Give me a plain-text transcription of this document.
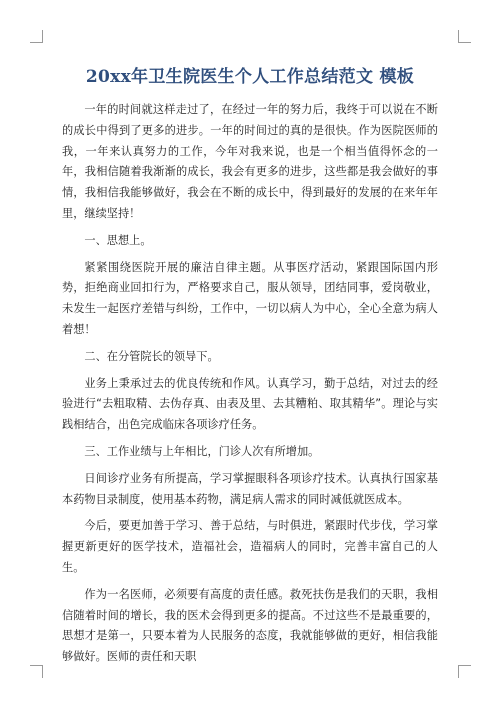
20xx年卫生院医生个人工作总结范文 模板

一年的时间就这样走过了，在经过一年的努力后，我终于可以说在不断的成长中得到了更多的进步。一年的时间过的真的是很快。作为医院医师的我，一年来认真努力的工作，今年对我来说，也是一个相当值得怀念的一年，我相信随着我渐渐的成长，我会有更多的进步，这些都是我会做好的事情，我相信我能够做好，我会在不断的成长中，得到最好的发展的在来年年里，继续坚持！

一、思想上。

紧紧围绕医院开展的廉洁自律主题。从事医疗活动，紧跟国际国内形势，拒绝商业回扣行为，严格要求自己，服从领导，团结同事，爱岗敬业，未发生一起医疗差错与纠纷，工作中，一切以病人为中心，全心全意为病人着想！

二、在分管院长的领导下。

业务上秉承过去的优良传统和作风。认真学习，勤于总结，对过去的经验进行“去粗取精、去伪存真、由表及里、去其糟粕、取其精华”。理论与实践相结合，出色完成临床各项诊疗任务。

三、工作业绩与上年相比，门诊人次有所增加。

日间诊疗业务有所提高，学习掌握眼科各项诊疗技术。认真执行国家基本药物目录制度，使用基本药物，满足病人需求的同时减低就医成本。

今后，要更加善于学习、善于总结，与时俱进，紧跟时代步伐，学习掌握更新更好的医学技术，造福社会，造福病人的同时，完善丰富自己的人生。

作为一名医师，必须要有高度的责任感。救死扶伤是我们的天职，我相信随着时间的增长，我的医术会得到更多的提高。不过这些不是最重要的，思想才是第一，只要本着为人民服务的态度，我就能够做的更好，相信我能够做好。医师的责任和天职
